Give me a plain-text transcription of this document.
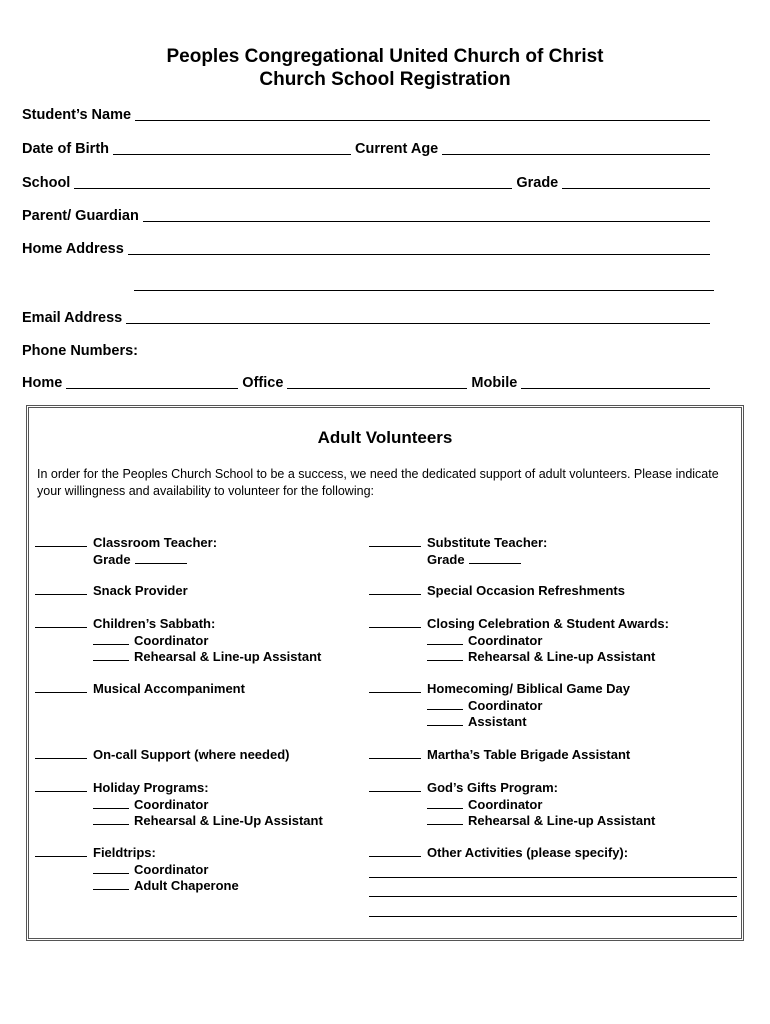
Peoples Congregational United Church of Christ
Church School Registration
Student’s Name
Date of Birth	Current Age
School	Grade
Parent/ Guardian
Home Address
Email Address
Phone Numbers:
Home	Office	Mobile
Adult Volunteers
In order for the Peoples Church School to be a success, we need the dedicated support of adult volunteers. Please indicate your willingness and availability to volunteer for the following:
Classroom Teacher:
Grade
Snack Provider
Children’s Sabbath:
Coordinator
Rehearsal & Line-up Assistant
Musical Accompaniment
On-call Support (where needed)
Holiday Programs:
Coordinator
Rehearsal & Line-Up Assistant
Fieldtrips:
Coordinator
Adult Chaperone
Substitute Teacher:
Grade
Special Occasion Refreshments
Closing Celebration & Student Awards:
Coordinator
Rehearsal & Line-up Assistant
Homecoming/ Biblical Game Day
Coordinator
Assistant
Martha’s Table Brigade Assistant
God’s Gifts Program:
Coordinator
Rehearsal & Line-up Assistant
Other Activities (please specify):
